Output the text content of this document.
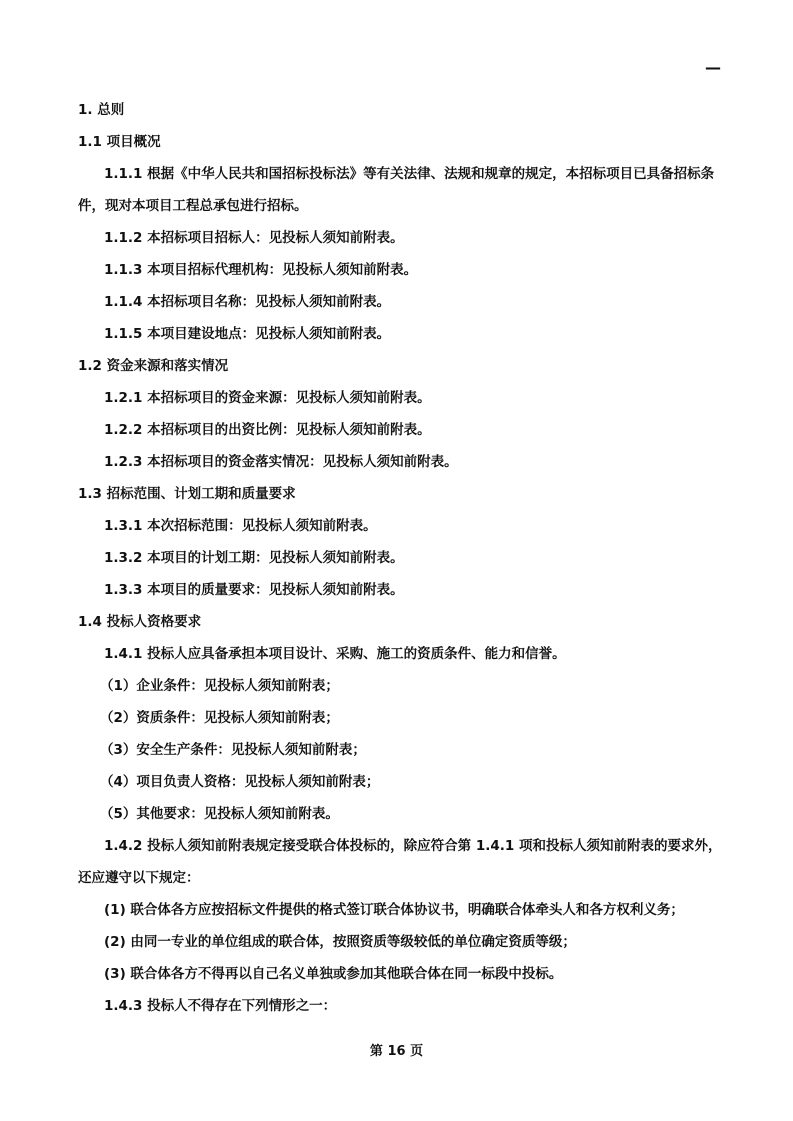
—
1. 总则
1.1 项目概况
1.1.1 根据《中华人民共和国招标投标法》等有关法律、法规和规章的规定，本招标项目已具备招标条
件，现对本项目工程总承包进行招标。
1.1.2 本招标项目招标人：见投标人须知前附表。
1.1.3 本项目招标代理机构：见投标人须知前附表。
1.1.4 本招标项目名称：见投标人须知前附表。
1.1.5 本项目建设地点：见投标人须知前附表。
1.2 资金来源和落实情况
1.2.1 本招标项目的资金来源：见投标人须知前附表。
1.2.2 本招标项目的出资比例：见投标人须知前附表。
1.2.3 本招标项目的资金落实情况：见投标人须知前附表。
1.3 招标范围、计划工期和质量要求
1.3.1 本次招标范围：见投标人须知前附表。
1.3.2 本项目的计划工期：见投标人须知前附表。
1.3.3 本项目的质量要求：见投标人须知前附表。
1.4 投标人资格要求
1.4.1 投标人应具备承担本项目设计、采购、施工的资质条件、能力和信誉。
（1）企业条件：见投标人须知前附表；
（2）资质条件：见投标人须知前附表；
（3）安全生产条件：见投标人须知前附表；
（4）项目负责人资格：见投标人须知前附表；
（5）其他要求：见投标人须知前附表。
1.4.2 投标人须知前附表规定接受联合体投标的，除应符合第 1.4.1 项和投标人须知前附表的要求外，
还应遵守以下规定：
(1) 联合体各方应按招标文件提供的格式签订联合体协议书，明确联合体牵头人和各方权利义务；
(2) 由同一专业的单位组成的联合体，按照资质等级较低的单位确定资质等级；
(3) 联合体各方不得再以自己名义单独或参加其他联合体在同一标段中投标。
1.4.3 投标人不得存在下列情形之一：
第 16 页
